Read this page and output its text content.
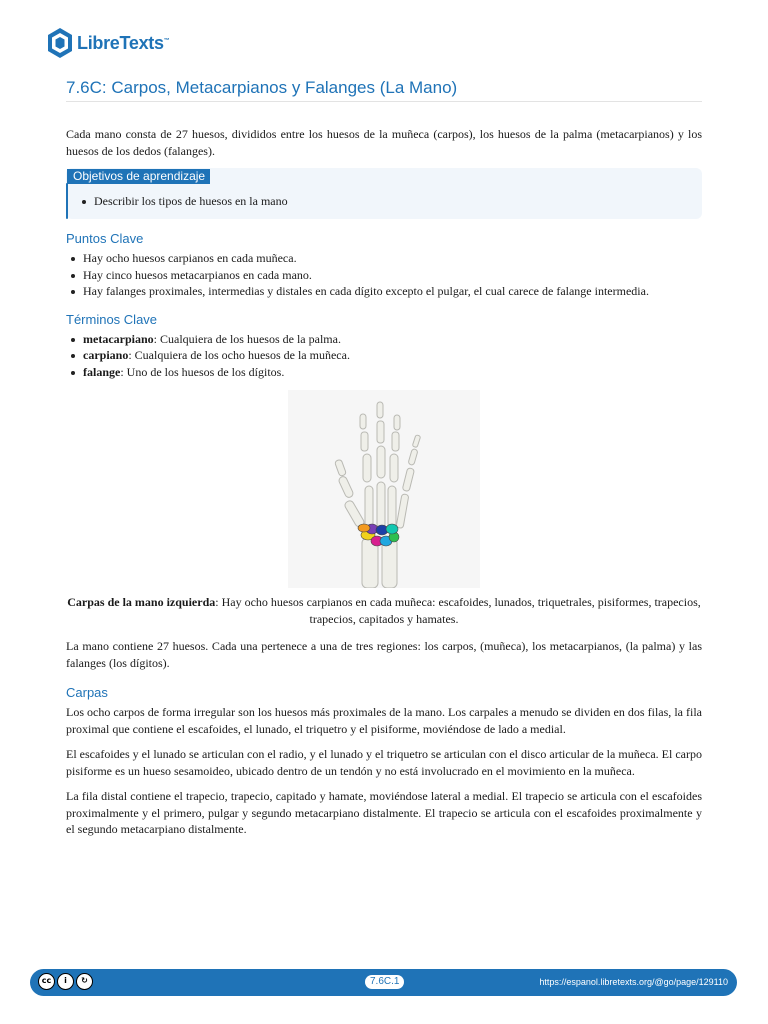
LibreTexts™
7.6C: Carpos, Metacarpianos y Falanges (La Mano)

Cada mano consta de 27 huesos, divididos entre los huesos de la muñeca (carpos), los huesos de la palma (metacarpianos) y los huesos de los dedos (falanges).

Objetivos de aprendizaje
Describir los tipos de huesos en la mano
Puntos Clave
Hay ocho huesos carpianos en cada muñeca.
Hay cinco huesos metacarpianos en cada mano.
Hay falanges proximales, intermedias y distales en cada dígito excepto el pulgar, el cual carece de falange intermedia.
Términos Clave
metacarpiano: Cualquiera de los huesos de la palma.
carpiano: Cualquiera de los ocho huesos de la muñeca.
falange: Uno de los huesos de los dígitos.

Carpas de la mano izquierda: Hay ocho huesos carpianos en cada muñeca: escafoides, lunados, triquetrales, pisiformes, trapecios, trapecios, capitados y hamates.

La mano contiene 27 huesos. Cada una pertenece a una de tres regiones: los carpos, (muñeca), los metacarpianos, (la palma) y las falanges (los dígitos).

Carpas

Los ocho carpos de forma irregular son los huesos más proximales de la mano. Los carpales a menudo se dividen en dos filas, la fila proximal que contiene el escafoides, el lunado, el triquetro y el pisiforme, moviéndose de lado a medial.

El escafoides y el lunado se articulan con el radio, y el lunado y el triquetro se articulan con el disco articular de la muñeca. El carpo pisiforme es un hueso sesamoideo, ubicado dentro de un tendón y no está involucrado en el movimiento en la muñeca.

La fila distal contiene el trapecio, trapecio, capitado y hamate, moviéndose lateral a medial. El trapecio se articula con el escafoides proximalmente y el primero, pulgar y segundo metacarpiano distalmente. El trapecio se articula con el escafoides proximalmente y el segundo metacarpiano distalmente.

cc	i	↻	7.6C.1	https://espanol.libretexts.org/@go/page/129110
